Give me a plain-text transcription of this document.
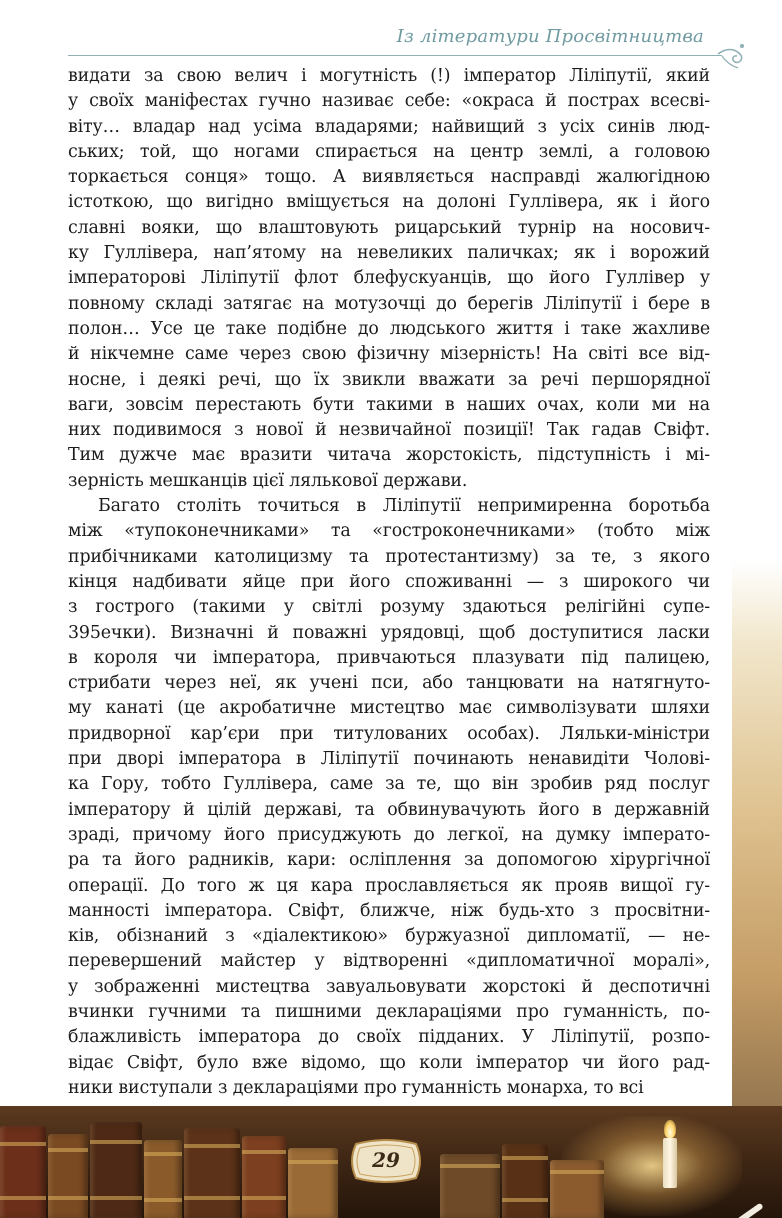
Із літератури Просвітництва
видати за свою велич і могутність (!) імператор Ліліпутії, який
у своїх маніфестах гучно називає себе: «окраса й пострах всесві-
віту… владар над усіма владарями; найвищий з усіх синів люд-
ських; той, що ногами спирається на центр землі, а головою
торкається сонця» тощо. А виявляється насправді жалюгідною
істоткою, що вигідно вміщується на долоні Гуллівера, як і його
славні вояки, що влаштовують рицарський турнір на носович-
ку Гуллівера, нап’ятому на невеликих паличках; як і ворожий
імператорові Ліліпутії флот блефускуанців, що його Гуллівер у
повному складі затягає на мотузочці до берегів Ліліпутії і бере в
полон… Усе це таке подібне до людського життя і таке жахливе
й нікчемне саме через свою фізичну мізерність! На світі все від-
носне, і деякі речі, що їх звикли вважати за речі першорядної
ваги, зовсім перестають бути такими в наших очах, коли ми на
них подивимося з нової й незвичайної позиції! Так гадав Свіфт.
Тим дужче має вразити читача жорстокість, підступність і мі-
зерність мешканців цієї лялькової держави.
Багато століть точиться в Ліліпутії непримиренна боротьба
між «тупоконечниками» та «гостроконечниками» (тобто між
прибічниками католицизму та протестантизму) за те, з якого
кінця надбивати яйце при його споживанні — з широкого чи
з гострого (такими у світлі розуму здаються релігійні супе-
395ечки). Визначні й поважні урядовці, щоб доступитися ласки
в короля чи імператора, привчаються плазувати під палицею,
стрибати через неї, як учені пси, або танцювати на натягнуто-
му канаті (це акробатичне мистецтво має символізувати шляхи
придворної кар’єри при титулованих особах). Ляльки-міністри
при дворі імператора в Ліліпутії починають ненавидіти Чолові-
ка Гору, тобто Гуллівера, саме за те, що він зробив ряд послуг
імператору й цілій державі, та обвинувачують його в державній
зраді, причому його присуджують до легкої, на думку імперато-
ра та його радників, кари: осліплення за допомогою хірургічної
операції. До того ж ця кара прославляється як прояв вищої гу-
манності імператора. Свіфт, ближче, ніж будь-хто з просвітни-
ків, обізнаний з «діалектикою» буржуазної дипломатії, — не-
перевершений майстер у відтворенні «дипломатичної моралі»,
у зображенні мистецтва завуальовувати жорстокі й деспотичні
вчинки гучними та пишними деклараціями про гуманність, по-
блажливість імператора до своїх підданих. У Ліліпутії, розпо-
відає Свіфт, було вже відомо, що коли імператор чи його рад-
ники виступали з деклараціями про гуманність монарха, то всі
29
